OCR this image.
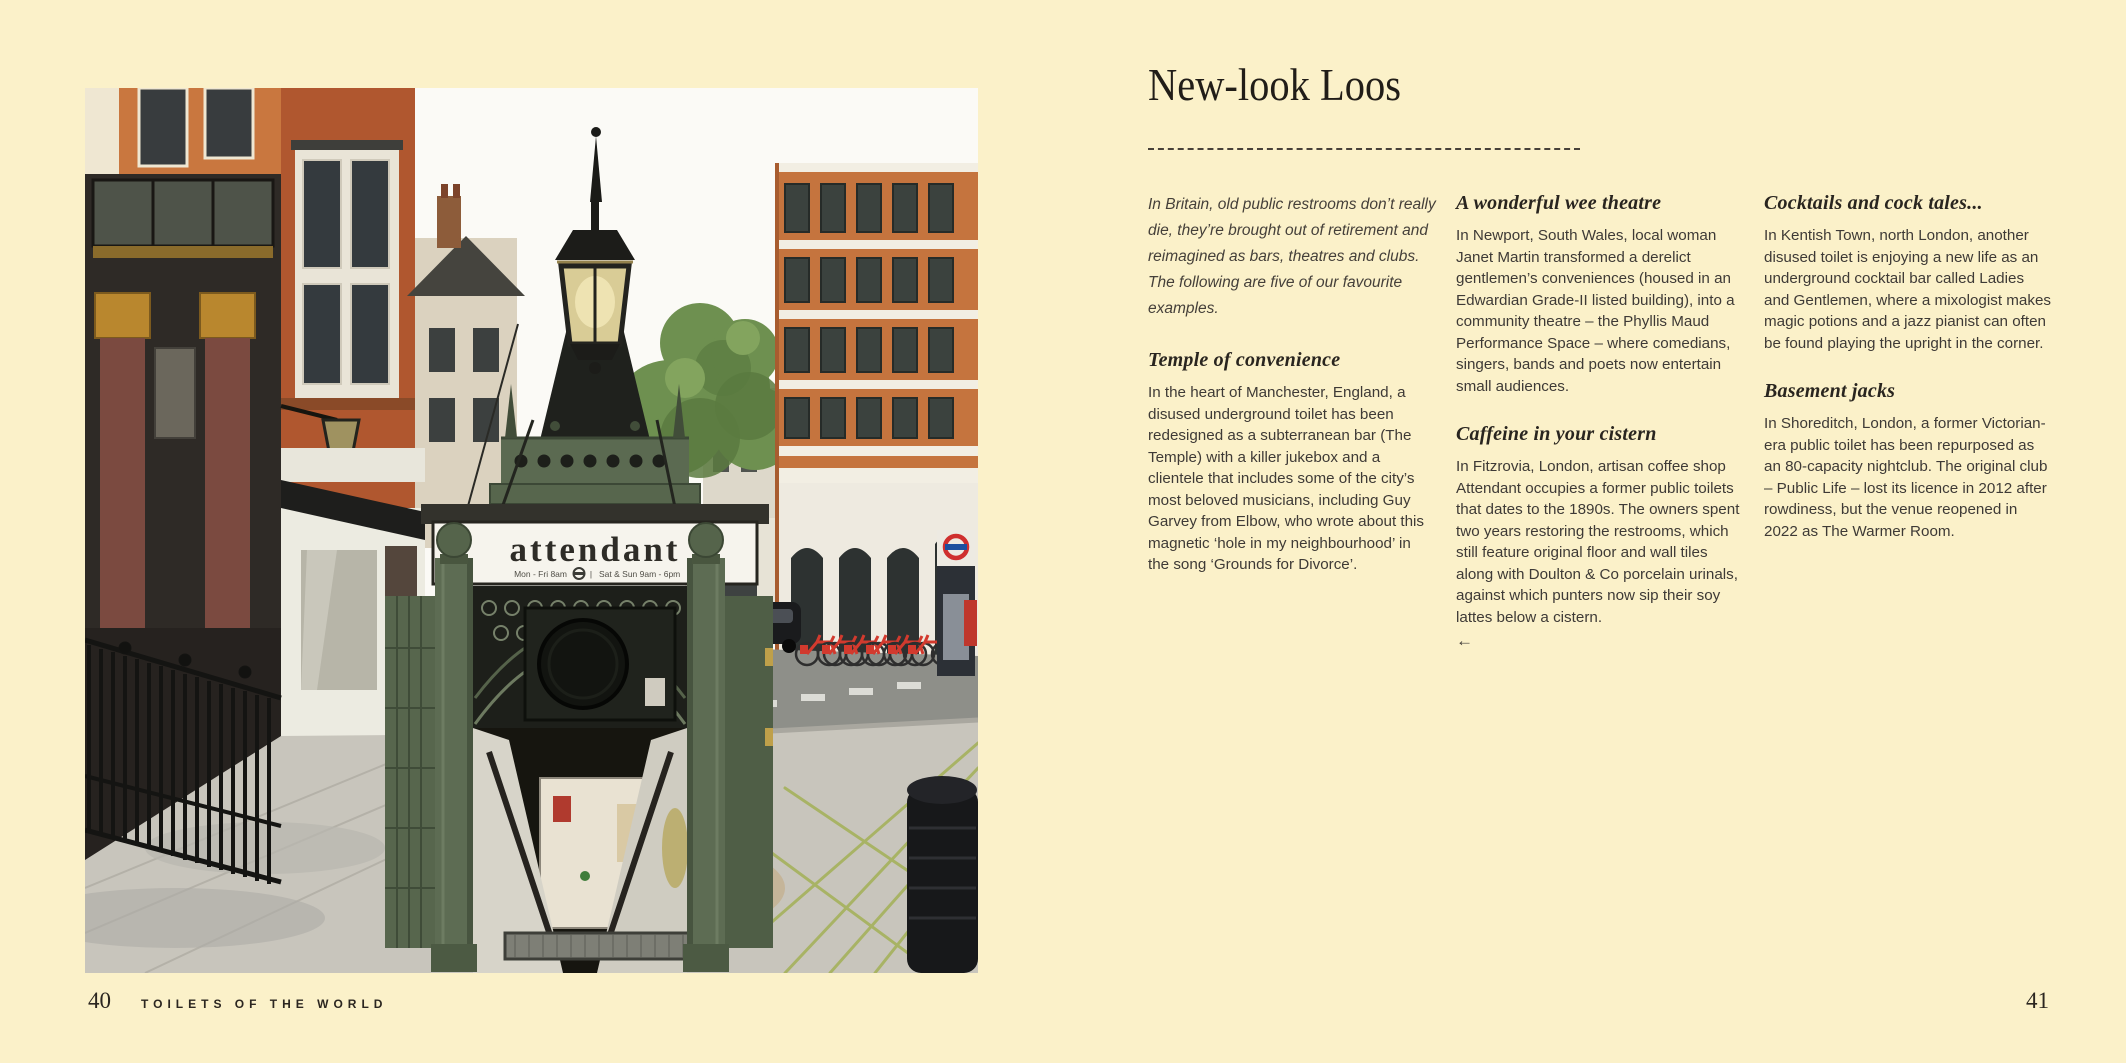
attendant
Mon - Fri 8am	| Sat & Sun 9am - 6pm
40	TOILETS OF THE WORLD
New-look Loos

In Britain, old public restrooms don’t really die, they’re brought out of retirement and reimagined as bars, theatres and clubs. The following are five of our favourite examples.

Temple of convenience

In the heart of Manchester, England, a disused underground toilet has been redesigned as a subterranean bar (The Temple) with a killer jukebox and a clientele that includes some of the city’s most beloved musicians, including Guy Garvey from Elbow, who wrote about this magnetic ‘hole in my neighbourhood’ in the song ‘Grounds for Divorce’.

A wonderful wee theatre

In Newport, South Wales, local woman Janet Martin transformed a derelict gentlemen’s conveniences (housed in an Edwardian Grade-II listed building), into a community theatre – the Phyllis Maud Performance Space – where comedians, singers, bands and poets now entertain small audiences.

Caffeine in your cistern

In Fitzrovia, London, artisan coffee shop Attendant occupies a former public toilets that dates to the 1890s. The owners spent two years restoring the restrooms, which still feature original floor and wall tiles along with Doulton & Co porcelain urinals, against which punters now sip their soy lattes below a cistern.

←
Cocktails and cock tales...

In Kentish Town, north London, another disused toilet is enjoying a new life as an underground cocktail bar called Ladies and Gentlemen, where a mixologist makes magic potions and a jazz pianist can often be found playing the upright in the corner.

Basement jacks

In Shoreditch, London, a former Victorian-era public toilet has been repurposed as an 80-capacity nightclub. The original club – Public Life – lost its licence in 2012 after rowdiness, but the venue reopened in 2022 as The Warmer Room.

41
